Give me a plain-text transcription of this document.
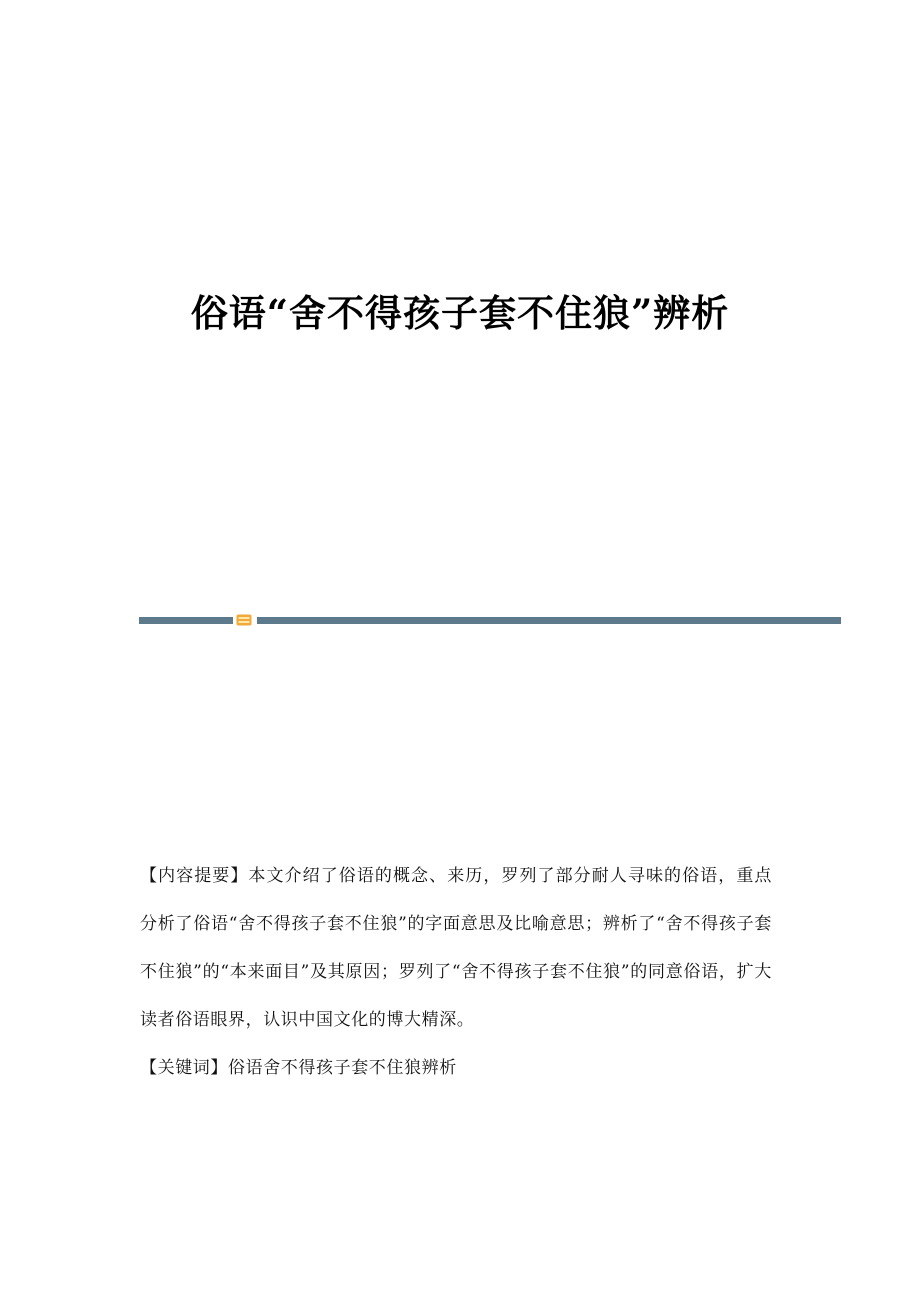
俗语“舍不得孩子套不住狼”辨析

【内容提要】本文介绍了俗语的概念、来历，罗列了部分耐人寻味的俗语，重点分析了俗语“舍不得孩子套不住狼”的字面意思及比喻意思；辨析了“舍不得孩子套不住狼”的“本来面目”及其原因；罗列了“舍不得孩子套不住狼”的同意俗语，扩大读者俗语眼界，认识中国文化的博大精深。

【关键词】俗语舍不得孩子套不住狼辨析
